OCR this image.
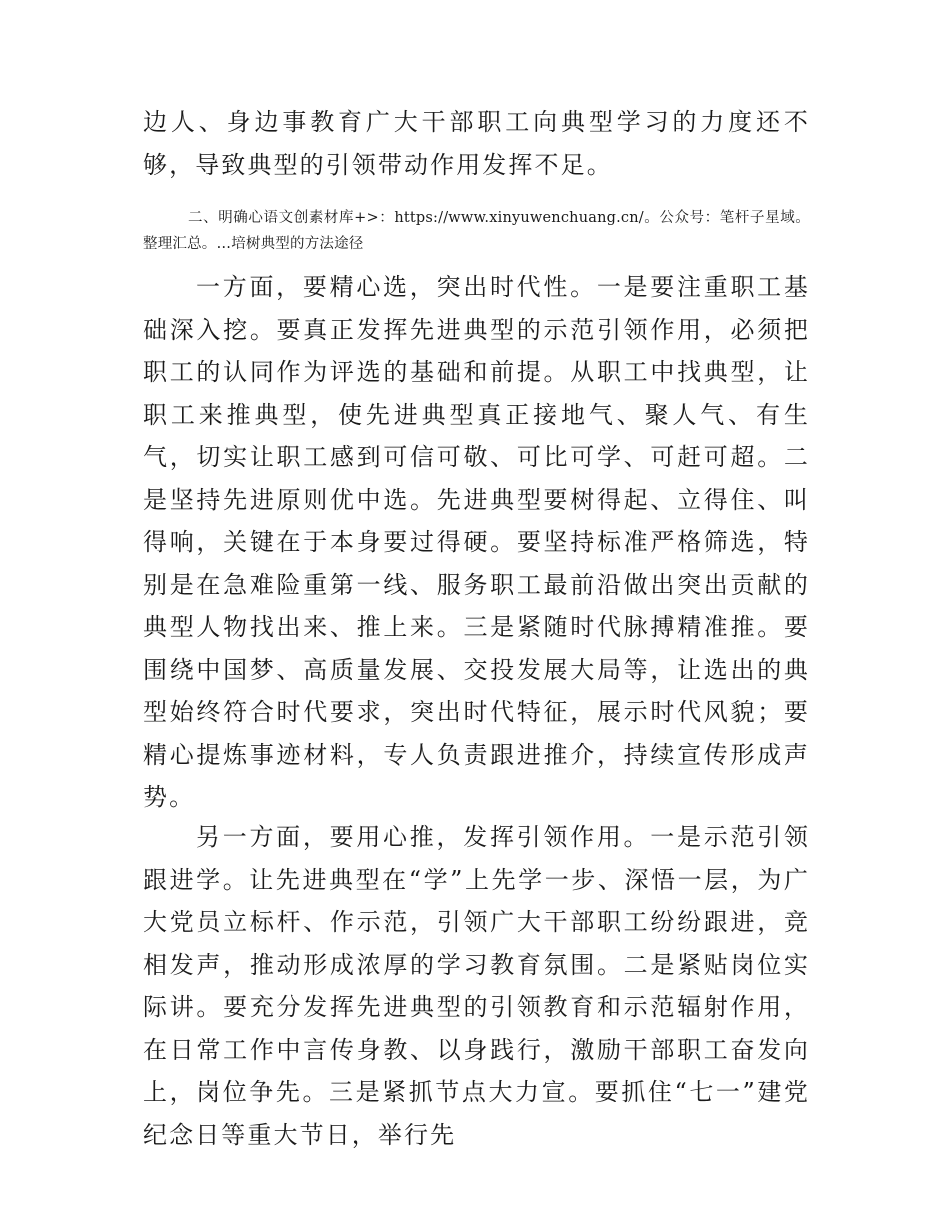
边人、身边事教育广大干部职工向典型学习的力度还不够，导致典型的引领带动作用发挥不足。

二、明确心语文创素材库+>：https://www.xinyuwenchuang.cn/。公众号：笔杆子星域。整理汇总。…培树典型的方法途径

一方面，要精心选，突出时代性。一是要注重职工基础深入挖。要真正发挥先进典型的示范引领作用，必须把职工的认同作为评选的基础和前提。从职工中找典型，让职工来推典型，使先进典型真正接地气、聚人气、有生气，切实让职工感到可信可敬、可比可学、可赶可超。二是坚持先进原则优中选。先进典型要树得起、立得住、叫得响，关键在于本身要过得硬。要坚持标准严格筛选，特别是在急难险重第一线、服务职工最前沿做出突出贡献的典型人物找出来、推上来。三是紧随时代脉搏精准推。要围绕中国梦、高质量发展、交投发展大局等，让选出的典型始终符合时代要求，突出时代特征，展示时代风貌；要精心提炼事迹材料，专人负责跟进推介，持续宣传形成声势。

另一方面，要用心推，发挥引领作用。一是示范引领跟进学。让先进典型在“学”上先学一步、深悟一层，为广大党员立标杆、作示范，引领广大干部职工纷纷跟进，竞相发声，推动形成浓厚的学习教育氛围。二是紧贴岗位实际讲。要充分发挥先进典型的引领教育和示范辐射作用，在日常工作中言传身教、以身践行，激励干部职工奋发向上，岗位争先。三是紧抓节点大力宣。要抓住“七一”建党纪念日等重大节日，举行先
